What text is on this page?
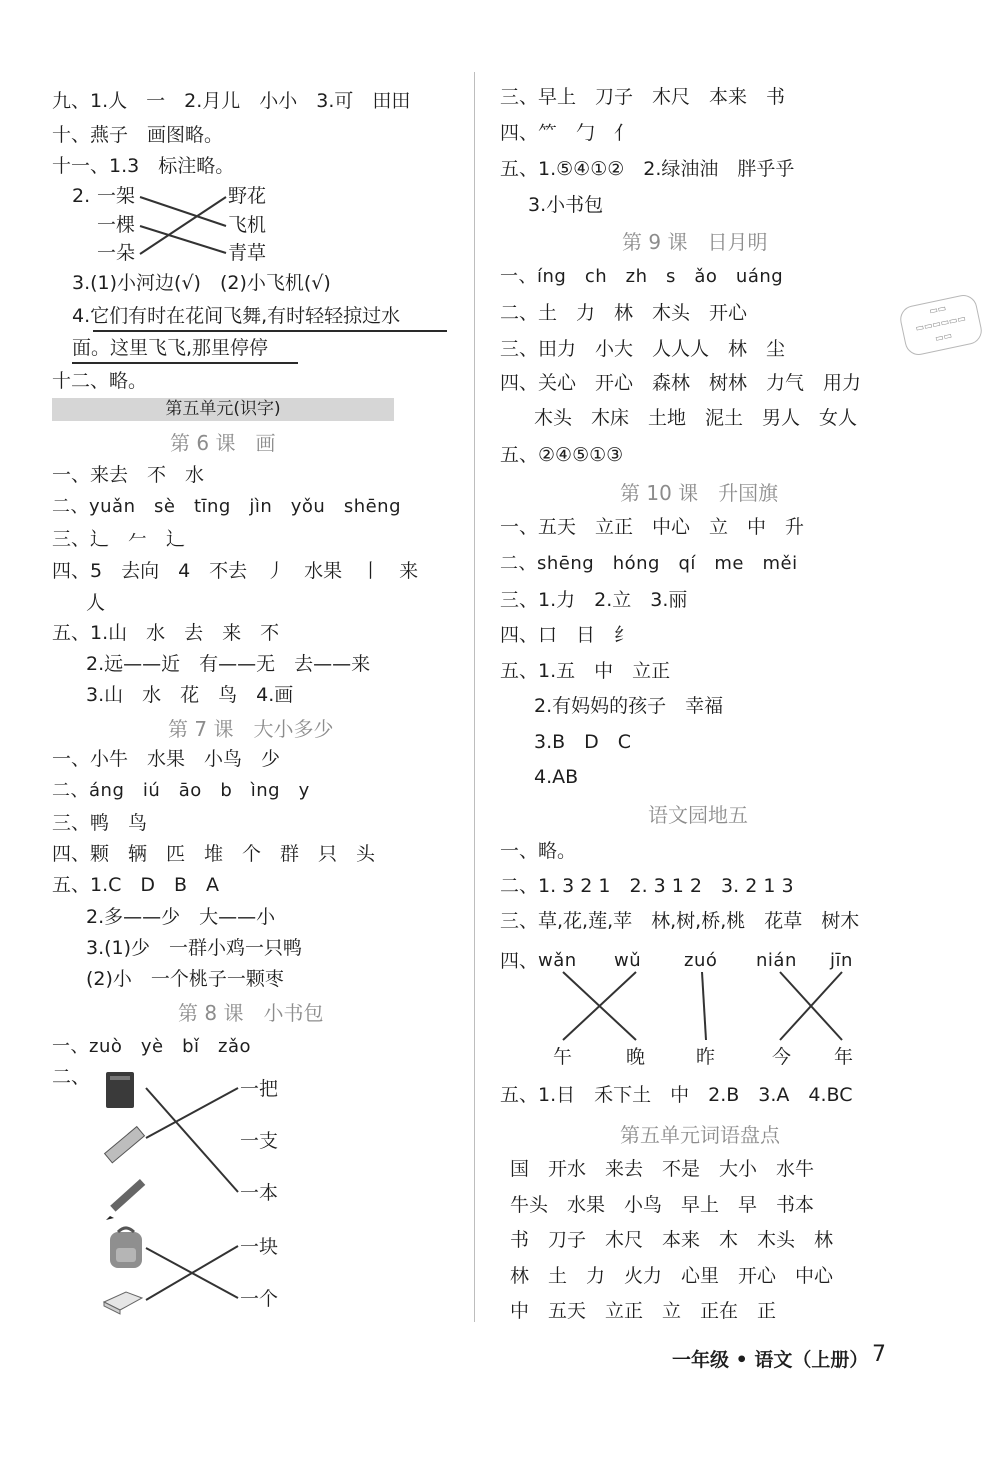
九、1.人　一　2.月儿　小小　3.可　田田
十、燕子　画图略。
十一、1.3　标注略。
2. 一架
一棵
一朵
野花
飞机
青草
3.(1)小河边(√)　(2)小飞机(√)
4.它们有时在花间飞舞,有时轻轻掠过水
面。这里飞飞,那里停停
十二、略。
第五单元(识字)
第 6 课　画
一、来去　不　水
二、yuǎn　sè　tīng　jìn　yǒu　shēng
三、辶　𠂉　辶
四、5　去向　4　不去　丿　水果　丨　来
人
五、1.山　水　去　来　不
2.远——近　有——无　去——来
3.山　水　花　鸟　4.画
第 7 课　大小多少
一、小牛　水果　小鸟　少
二、áng　iú　āo　b　ìng　y
三、鸭　鸟
四、颗　辆　匹　堆　个　群　只　头
五、1.C　D　B　A
2.多——少　大——小
3.(1)少　一群小鸡一只鸭
(2)小　一个桃子一颗枣
第 8 课　小书包
一、zuò　yè　bǐ　zǎo
二、
一把
一支
一本
一块
一个
三、早上　刀子　木尺　本来　书
四、⺮　勹　亻
五、1.⑤④①②　2.绿油油　胖乎乎
3.小书包
第 9 课　日月明
一、íng　ch　zh　s　ǎo　uáng
二、土　力　林　木头　开心
三、田力　小大　人人人　林　尘
四、关心　开心　森林　树林　力气　用力
木头　木床　土地　泥土　男人　女人
五、②④⑤①③
第 10 课　升国旗
一、五天　立正　中心　立　中　升
二、shēng　hóng　qí　me　měi
三、1.力　2.立　3.丽
四、口　日　纟
五、1.五　中　立正
2.有妈妈的孩子　幸福
3.B　D　C
4.AB
语文园地五
一、略。
二、1. 3 2 1　2. 3 1 2　3. 2 1 3
三、草,花,莲,苹　林,树,桥,桃　花草　树木
四、 wǎn wǔ zuó nián jīn
午	晚	昨	今 年
五、1.日　禾下土　中　2.B　3.A　4.BC
第五单元词语盘点
国　开水　来去　不是　大小　水牛
牛头　水果　小鸟　早上　早　书本
书　刀子　木尺　本来　木　木头　林
林　土　力　火力　心里　开心　中心
中　五天　立正　立　正在　正
▭▭
▭▭▭▭▭▭
▭▭
一年级 • 语文（上册） 7
